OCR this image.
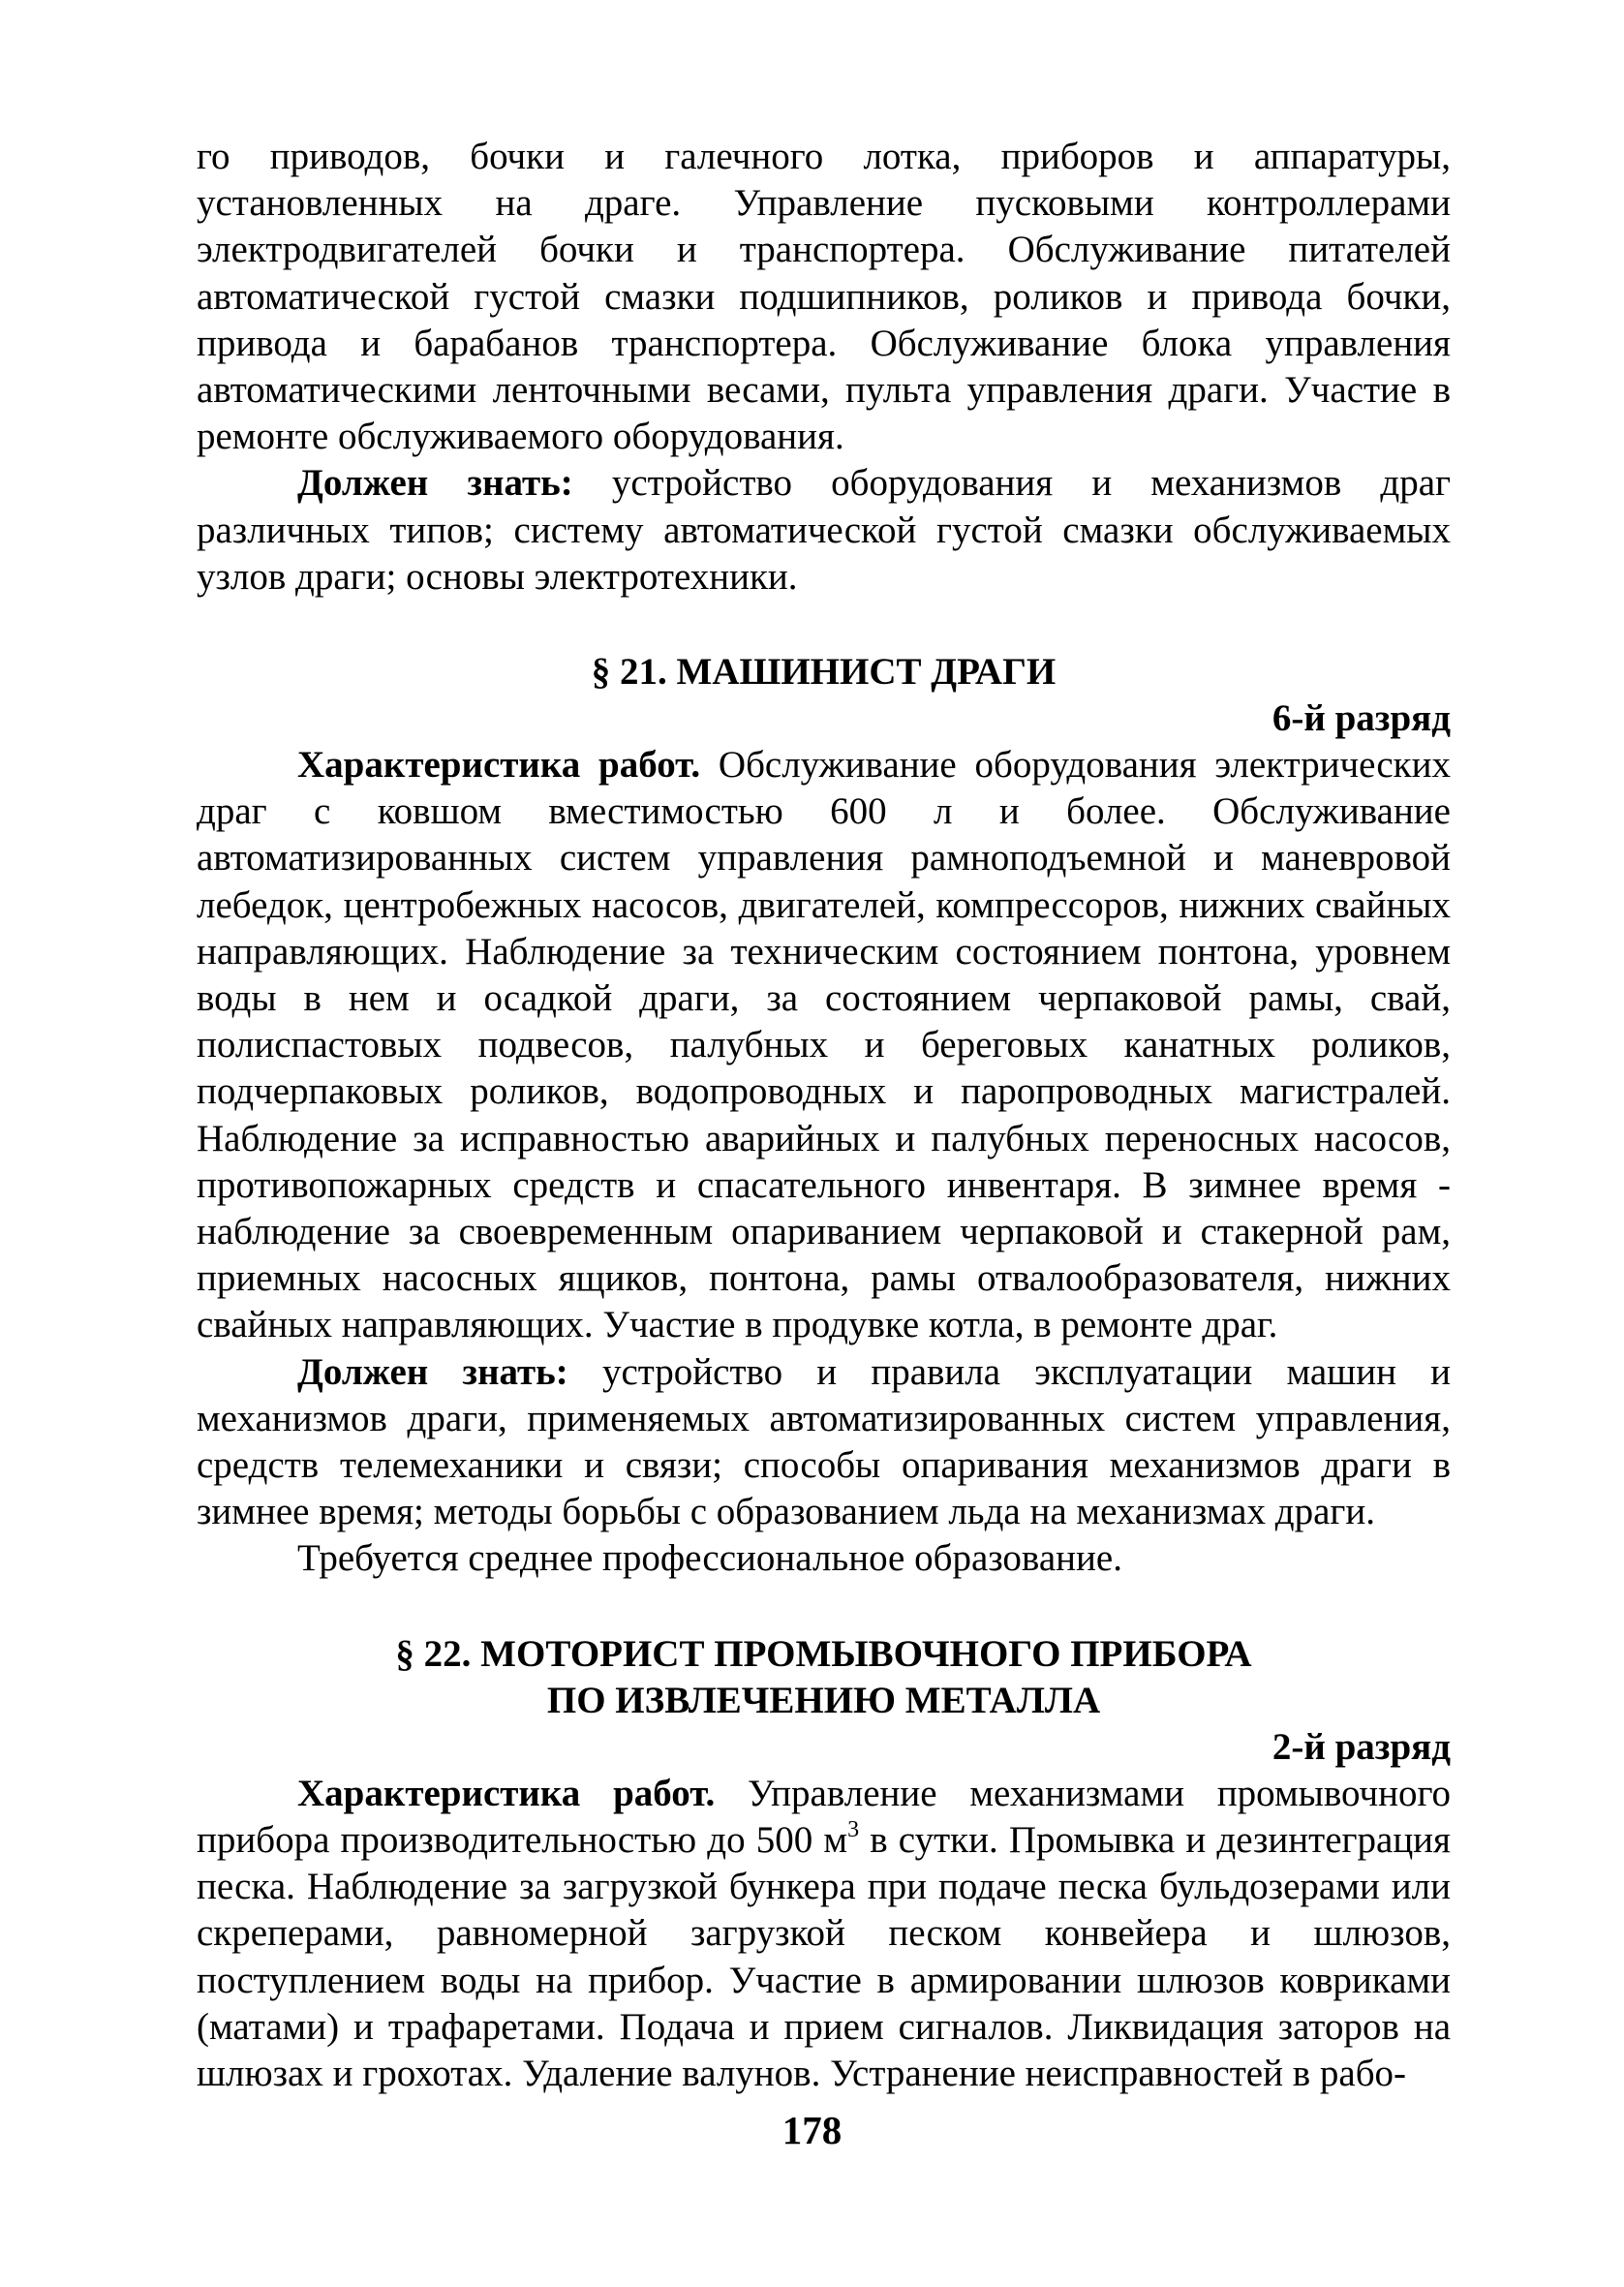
го приводов, бочки и галечного лотка, приборов и аппаратуры, установленных на драге. Управление пусковыми контроллерами электродвигателей бочки и транспортера. Обслуживание питателей автоматической густой смазки подшипников, роликов и привода бочки, привода и барабанов транспортера. Обслуживание блока управления автоматическими ленточными весами, пульта управления драги. Участие в ремонте обслуживаемого оборудования.

Должен знать: устройство оборудования и механизмов драг различных типов; систему автоматической густой смазки обслуживаемых узлов драги; основы электротехники.

§ 21. МАШИНИСТ ДРАГИ
6-й разряд

Характеристика работ. Обслуживание оборудования электрических драг с ковшом вместимостью 600 л и более. Обслуживание автоматизированных систем управления рамноподъемной и маневровой лебедок, центробежных насосов, двигателей, компрессоров, нижних свайных направляющих. Наблюдение за техническим состоянием понтона, уровнем воды в нем и осадкой драги, за состоянием черпаковой рамы, свай, полиспастовых подвесов, палубных и береговых канатных роликов, подчерпаковых роликов, водопроводных и паропроводных магистралей. Наблюдение за исправностью аварийных и палубных переносных насосов, противопожарных средств и спасательного инвентаря. В зимнее время - наблюдение за своевременным опариванием черпаковой и стакерной рам, приемных насосных ящиков, понтона, рамы отвалообразователя, нижних свайных направляющих. Участие в продувке котла, в ремонте драг.

Должен знать: устройство и правила эксплуатации машин и механизмов драги, применяемых автоматизированных систем управления, средств телемеханики и связи; способы опаривания механизмов драги в зимнее время; методы борьбы с образованием льда на механизмах драги.

Требуется среднее профессиональное образование.

§ 22. МОТОРИСТ ПРОМЫВОЧНОГО ПРИБОРА
ПО ИЗВЛЕЧЕНИЮ МЕТАЛЛА
2-й разряд

Характеристика работ. Управление механизмами промывочного прибора производительностью до 500 $м^3$ в сутки. Промывка и дезинтеграция песка. Наблюдение за загрузкой бункера при подаче песка бульдозерами или скреперами, равномерной загрузкой песком конвейера и шлюзов, поступлением воды на прибор. Участие в армировании шлюзов ковриками (матами) и трафаретами. Подача и прием сигналов. Ликвидация заторов на шлюзах и грохотах. Удаление валунов. Устранение неисправностей в рабо-

178
